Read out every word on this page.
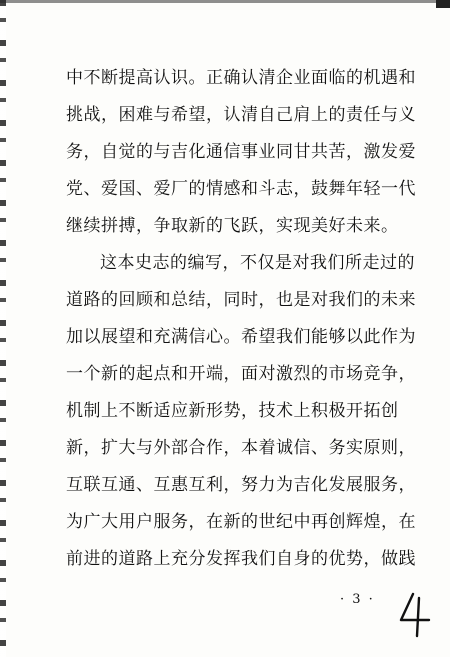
中不断提高认识。正确认清企业面临的机遇和
挑战，困难与希望，认清自己肩上的责任与义
务，自觉的与吉化通信事业同甘共苦，激发爱
党、爱国、爱厂的情感和斗志，鼓舞年轻一代
继续拼搏，争取新的飞跃，实现美好未来。
这本史志的编写，不仅是对我们所走过的
道路的回顾和总结，同时，也是对我们的未来
加以展望和充满信心。希望我们能够以此作为
一个新的起点和开端，面对激烈的市场竞争，
机制上不断适应新形势，技术上积极开拓创
新，扩大与外部合作，本着诚信、务实原则，
互联互通、互惠互利，努力为吉化发展服务，
为广大用户服务，在新的世纪中再创辉煌，在
前进的道路上充分发挥我们自身的优势，做践
· 3 ·
